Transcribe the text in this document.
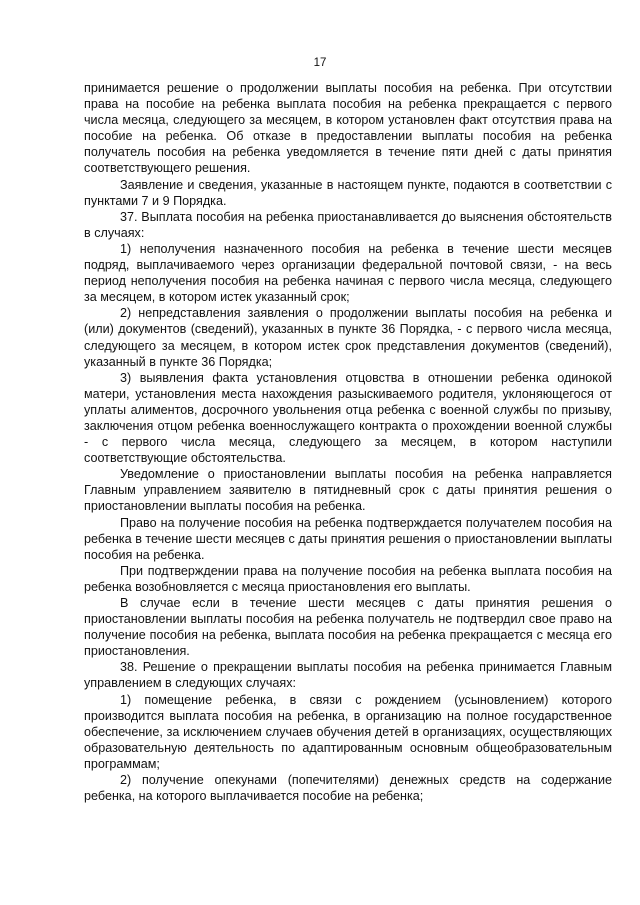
17

принимается решение о продолжении выплаты пособия на ребенка. При отсутствии права на пособие на ребенка выплата пособия на ребенка прекращается с первого числа месяца, следующего за месяцем, в котором установлен факт отсутствия права на пособие на ребенка. Об отказе в предоставлении выплаты пособия на ребенка получатель пособия на ребенка уведомляется в течение пяти дней с даты принятия соответствующего решения.

Заявление и сведения, указанные в настоящем пункте, подаются в соответствии с пунктами 7 и 9 Порядка.

37. Выплата пособия на ребенка приостанавливается до выяснения обстоятельств в случаях:

1) неполучения назначенного пособия на ребенка в течение шести месяцев подряд, выплачиваемого через организации федеральной почтовой связи, - на весь период неполучения пособия на ребенка начиная с первого числа месяца, следующего за месяцем, в котором истек указанный срок;

2) непредставления заявления о продолжении выплаты пособия на ребенка и (или) документов (сведений), указанных в пункте 36 Порядка, - с первого числа месяца, следующего за месяцем, в котором истек срок представления документов (сведений), указанный в пункте 36 Порядка;

3) выявления факта установления отцовства в отношении ребенка одинокой матери, установления места нахождения разыскиваемого родителя, уклоняющегося от уплаты алиментов, досрочного увольнения отца ребенка с военной службы по призыву, заключения отцом ребенка военнослужащего контракта о прохождении военной службы - с первого числа месяца, следующего за месяцем, в котором наступили соответствующие обстоятельства.

Уведомление о приостановлении выплаты пособия на ребенка направляется Главным управлением заявителю в пятидневный срок с даты принятия решения о приостановлении выплаты пособия на ребенка.

Право на получение пособия на ребенка подтверждается получателем пособия на ребенка в течение шести месяцев с даты принятия решения о приостановлении выплаты пособия на ребенка.

При подтверждении права на получение пособия на ребенка выплата пособия на ребенка возобновляется с месяца приостановления его выплаты.

В случае если в течение шести месяцев с даты принятия решения о приостановлении выплаты пособия на ребенка получатель не подтвердил свое право на получение пособия на ребенка, выплата пособия на ребенка прекращается с месяца его приостановления.

38. Решение о прекращении выплаты пособия на ребенка принимается Главным управлением в следующих случаях:

1) помещение ребенка, в связи с рождением (усыновлением) которого производится выплата пособия на ребенка, в организацию на полное государственное обеспечение, за исключением случаев обучения детей в организациях, осуществляющих образовательную деятельность по адаптированным основным общеобразовательным программам;

2) получение опекунами (попечителями) денежных средств на содержание ребенка, на которого выплачивается пособие на ребенка;
